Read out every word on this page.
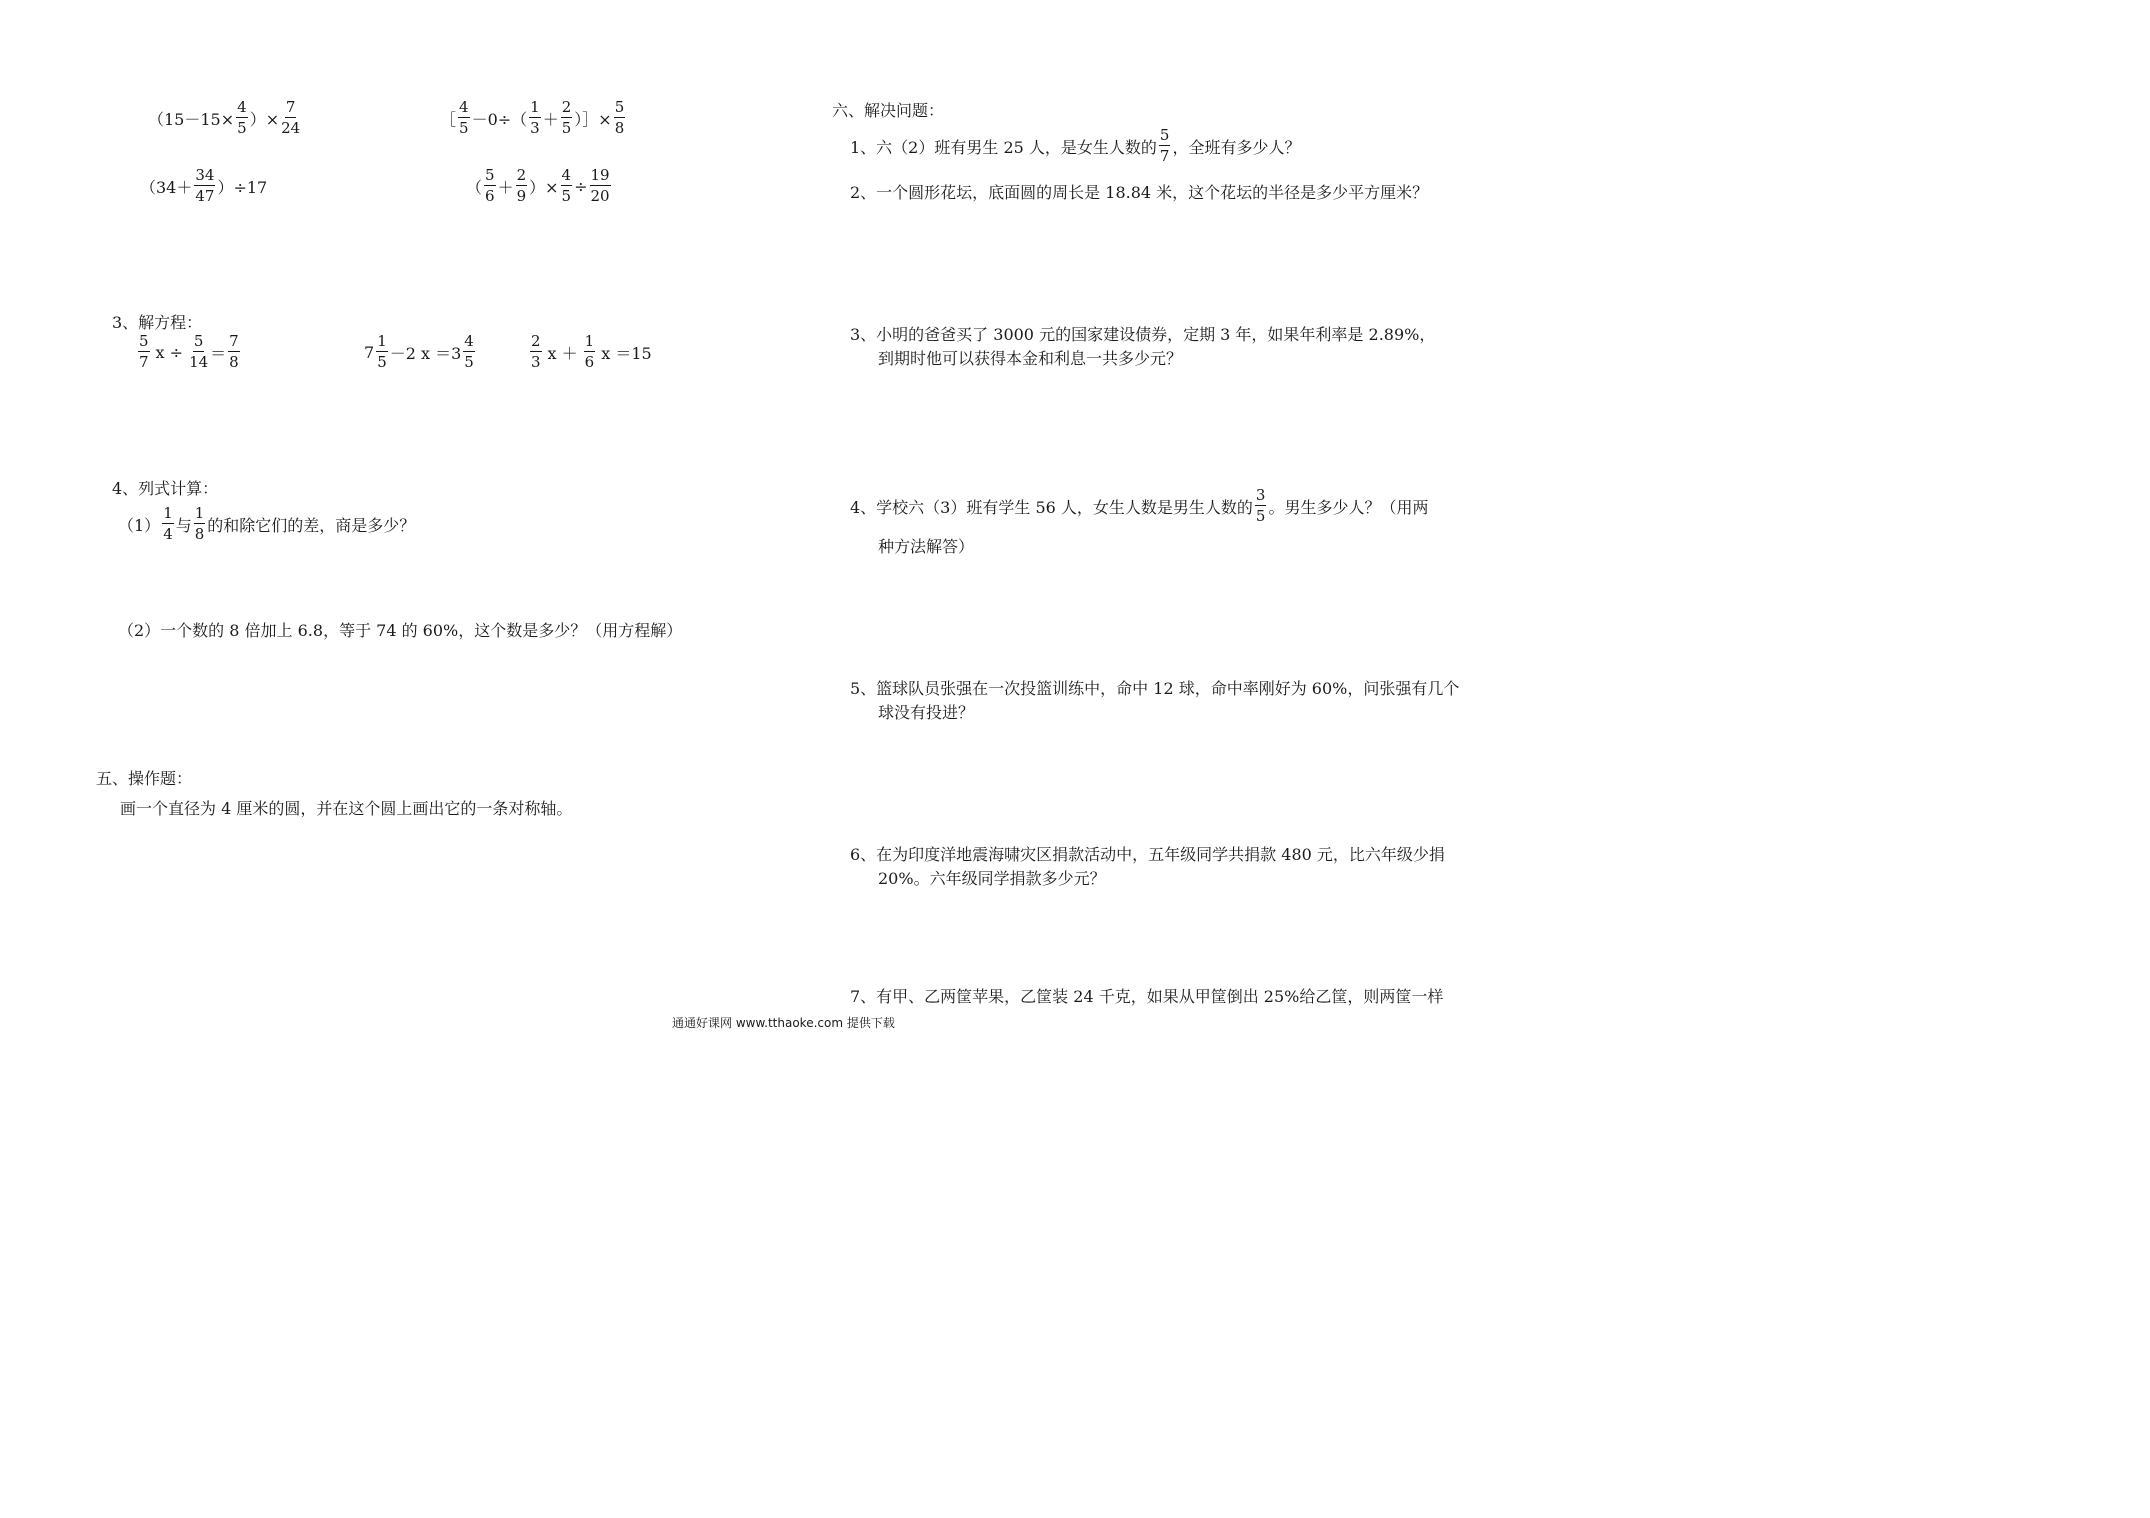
（$15-15\times \frac{4}{5}$ ）× $\frac{7}{24}$	［ $\frac{4}{5} -0\div( \frac{1}{3} + \frac{2}{5}$ ）］× $\frac{5}{8}$
$(34+ \frac{34}{47} )\div 17$	（ $\frac{5}{6} + \frac{2}{9}$ ）× $\frac{4}{5} \div \frac{19}{20}$
3、解方程：
$\frac{5}{7}$ $x \div \frac{5}{14} = \frac{7}{8}$	$7 \frac{1}{5} -2$ $x =3 \frac{4}{5}$	$\frac{2}{3}$ $x + \frac{1}{6}$ x ＝15
4、列式计算：
$(1) \frac{1}{4}$ 与 $\frac{1}{8}$ 的和除它们的差，商是多少？
（2）一个数的 8 倍加上 6.8，等于 74 的 60%，这个数是多少？（用方程解）
五、操作题：
画一个直径为 4 厘米的圆，并在这个圆上画出它的一条对称轴。
六、解决问题：
1、六（2）班有男生 25 人，是女生人数的 $\frac{5}{7}$ ，全班有多少人？
2、一个圆形花坛，底面圆的周长是 18.84 米，这个花坛的半径是多少平方厘米？
3、小明的爸爸买了 3000 元的国家建设债券，定期 3 年，如果年利率是 2.89%，
到期时他可以获得本金和利息一共多少元？
4、学校六（3）班有学生 56 人，女生人数是男生人数的 $\frac{3}{5}$ 。男生多少人？（用两
种方法解答）
5、篮球队员张强在一次投篮训练中，命中 12 球，命中率刚好为 60%，问张强有几个
球没有投进？
6、在为印度洋地震海啸灾区捐款活动中，五年级同学共捐款 480 元，比六年级少捐
20%。六年级同学捐款多少元？
7、有甲、乙两筐苹果，乙筐装 24 千克，如果从甲筐倒出 25%给乙筐，则两筐一样
通通好课网 www.tthaoke.com 提供下载
